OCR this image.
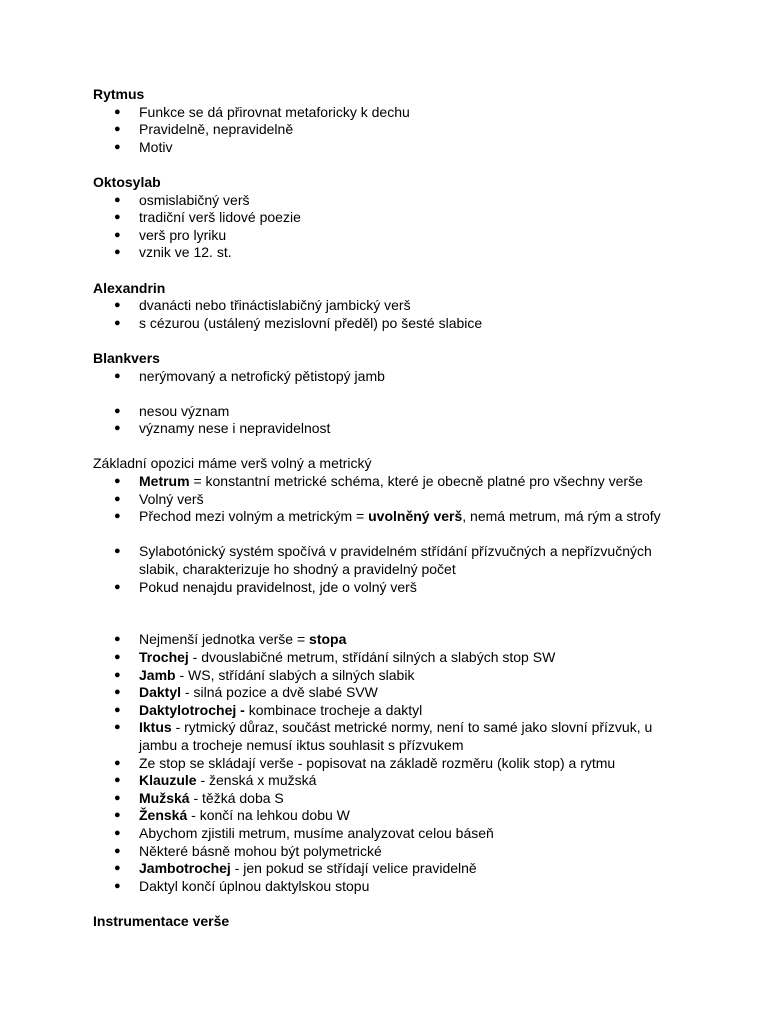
Rytmus
● Funkce se dá přirovnat metaforicky k dechu
● Pravidelně, nepravidelně
● Motiv
Oktosylab
● osmislabičný verš
● tradiční verš lidové poezie
● verš pro lyriku
● vznik ve 12. st.
Alexandrin
● dvanácti nebo třináctislabičný jambický verš
● s cézurou (ustálený mezislovní předěl) po šesté slabice
Blankvers
● nerýmovaný a netrofický pětistopý jamb
● nesou význam
● významy nese i nepravidelnost
Základní opozici máme verš volný a metrický
● Metrum = konstantní metrické schéma, které je obecně platné pro všechny verše
● Volný verš
● Přechod mezi volným a metrickým = uvolněný verš, nemá metrum, má rým a strofy
● Sylabotónický systém spočívá v pravidelném střídání přízvučných a nepřízvučných
slabik, charakterizuje ho shodný a pravidelný počet
● Pokud nenajdu pravidelnost, jde o volný verš
● Nejmenší jednotka verše = stopa
● Trochej - dvouslabičné metrum, střídání silných a slabých stop SW
● Jamb - WS, střídání slabých a silných slabik
● Daktyl - silná pozice a dvě slabé SVW
● Daktylotrochej - kombinace trocheje a daktyl
● Iktus - rytmický důraz, součást metrické normy, není to samé jako slovní přízvuk, u
jambu a trocheje nemusí iktus souhlasit s přízvukem
● Ze stop se skládají verše - popisovat na základě rozměru (kolik stop) a rytmu
● Klauzule - ženská x mužská
● Mužská - těžká doba S
● Ženská - končí na lehkou dobu W
● Abychom zjistili metrum, musíme analyzovat celou báseň
● Některé básně mohou být polymetrické
● Jambotrochej - jen pokud se střídají velice pravidelně
● Daktyl končí úplnou daktylskou stopu
Instrumentace verše
